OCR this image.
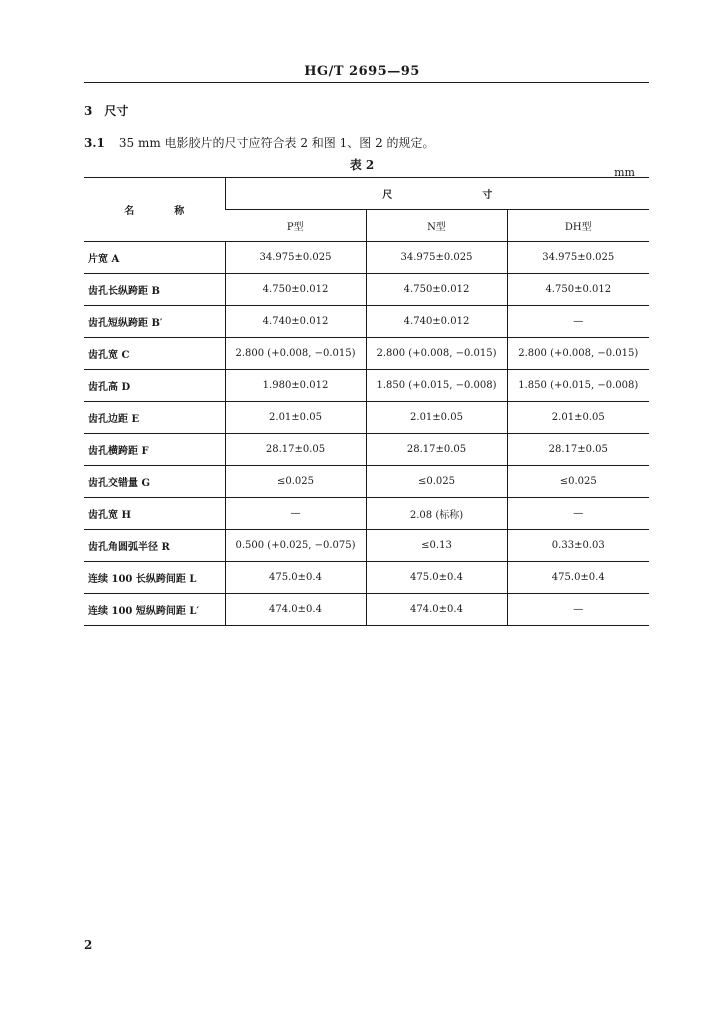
HG/T 2695—95
3 尺寸
3.1 35 mm 电影胶片的尺寸应符合表 2 和图 1、图 2 的规定。
表 2
mm
名称	尺寸		
	P型	N型	DH型
片宽 A	34.975±0.025	34.975±0.025	34.975±0.025
齿孔长纵跨距 B	4.750±0.012	4.750±0.012	4.750±0.012
齿孔短纵跨距 B′	4.740±0.012	4.740±0.012	—
齿孔宽 C	2.800 (+0.008, −0.015)	2.800 (+0.008, −0.015)	2.800 (+0.008, −0.015)
齿孔高 D	1.980±0.012	1.850 (+0.015, −0.008)	1.850 (+0.015, −0.008)
齿孔边距 E	2.01±0.05	2.01±0.05	2.01±0.05
齿孔横跨距 F	28.17±0.05	28.17±0.05	28.17±0.05
齿孔交错量 G	≤0.025	≤0.025	≤0.025
齿孔宽 H	—	2.08 (标称)	—
齿孔角圆弧半径 R	0.500 (+0.025, −0.075)	≤0.13	0.33±0.03
连续 100 长纵跨间距 L	475.0±0.4	475.0±0.4	475.0±0.4
连续 100 短纵跨间距 L′	474.0±0.4	474.0±0.4	—
2
